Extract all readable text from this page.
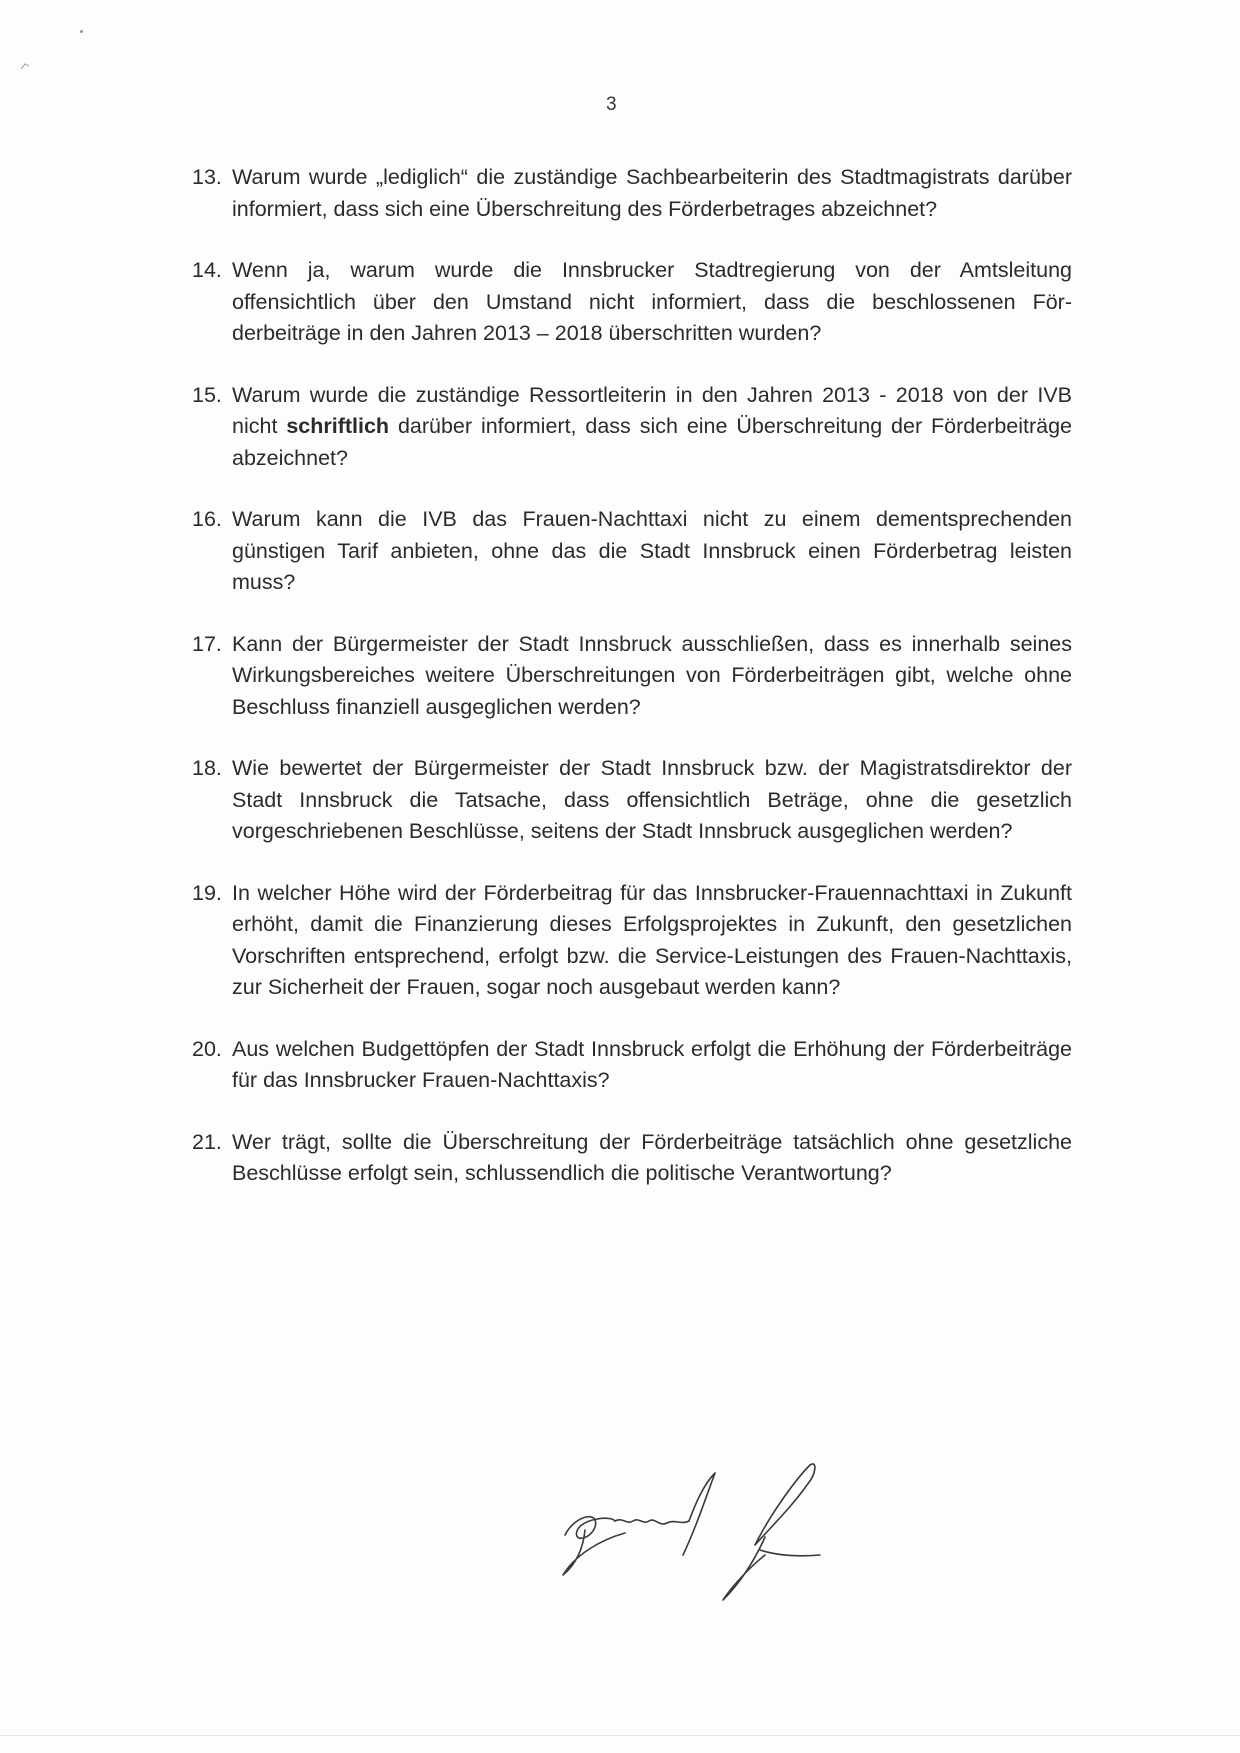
3
13. Warum wurde „lediglich“ die zuständige Sachbearbeiterin des Stadtmagistrats darüber informiert, dass sich eine Überschreitung des Förderbetrages abzeichnet?
14. Wenn ja, warum wurde die Innsbrucker Stadtregierung von der Amtsleitung offensichtlich über den Umstand nicht informiert, dass die beschlossenen Förderbeiträge in den Jahren 2013 – 2018 überschritten wurden?
15. Warum wurde die zuständige Ressortleiterin in den Jahren 2013 - 2018 von der IVB nicht schriftlich darüber informiert, dass sich eine Überschreitung der Förderbeiträge abzeichnet?
16. Warum kann die IVB das Frauen-Nachttaxi nicht zu einem dementsprechenden günstigen Tarif anbieten, ohne das die Stadt Innsbruck einen Förderbetrag leisten muss?
17. Kann der Bürgermeister der Stadt Innsbruck ausschließen, dass es innerhalb seines Wirkungsbereiches weitere Überschreitungen von Förderbeiträgen gibt, welche ohne Beschluss finanziell ausgeglichen werden?
18. Wie bewertet der Bürgermeister der Stadt Innsbruck bzw. der Magistratsdirektor der Stadt Innsbruck die Tatsache, dass offensichtlich Beträge, ohne die gesetzlich vorgeschriebenen Beschlüsse, seitens der Stadt Innsbruck ausgeglichen werden?
19. In welcher Höhe wird der Förderbeitrag für das Innsbrucker-Frauennachttaxi in Zukunft erhöht, damit die Finanzierung dieses Erfolgsprojektes in Zukunft, den gesetzlichen Vorschriften entsprechend, erfolgt bzw. die Service-Leistungen des Frauen-Nachttaxis, zur Sicherheit der Frauen, sogar noch ausgebaut werden kann?
20. Aus welchen Budgettöpfen der Stadt Innsbruck erfolgt die Erhöhung der Förderbeiträge für das Innsbrucker Frauen-Nachttaxis?
21. Wer trägt, sollte die Überschreitung der Förderbeiträge tatsächlich ohne gesetzliche Beschlüsse erfolgt sein, schlussendlich die politische Verantwortung?
